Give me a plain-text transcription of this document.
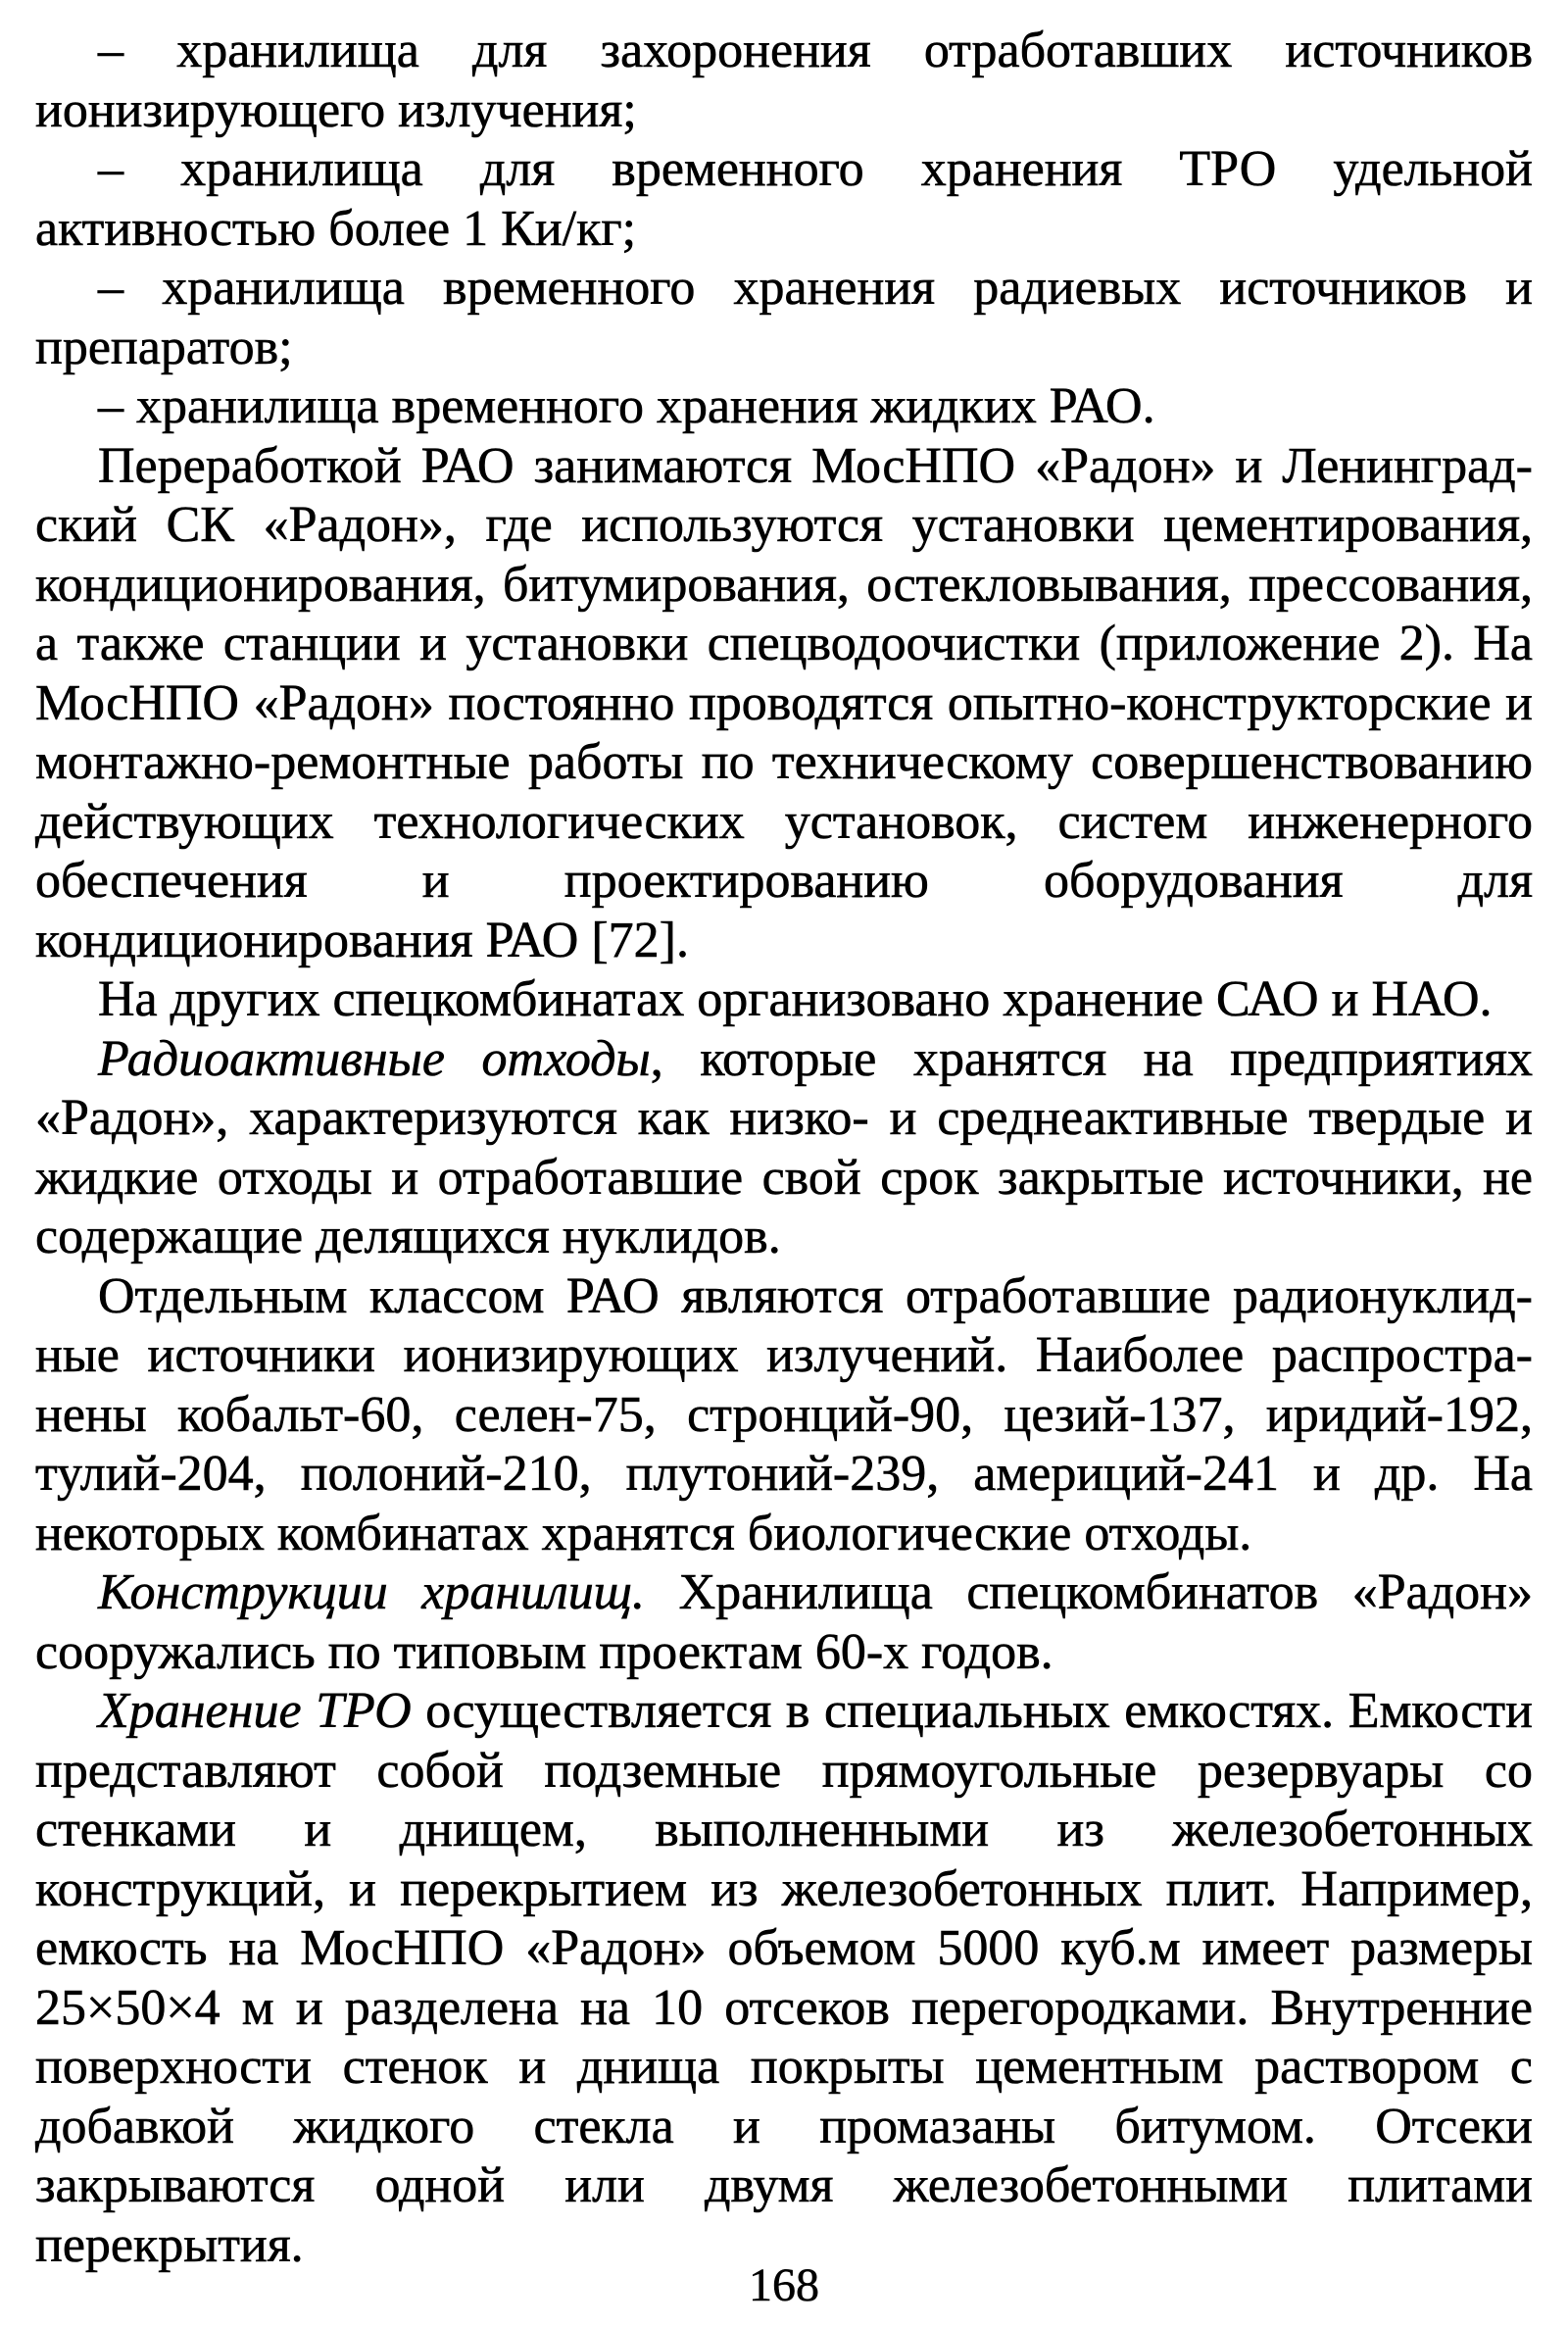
– хранилища для захоронения отработавших источников ионизирующего излучения;

– хранилища для временного хранения ТРО удельной активностью более 1 Ки/кг;

– хранилища временного хранения радиевых источников и препаратов;

– хранилища временного хранения жидких РАО.

Переработкой РАО занимаются МосНПО «Радон» и Ленинградский СК «Радон», где используются установки цементирования, кондиционирования, битумирования, остекловывания, прессования, а также станции и установки спецводоочистки (приложение 2). На МосНПО «Радон» постоянно проводятся опытно-конструкторские и монтажно-ремонтные работы по техническому совершенствованию действующих технологических установок, систем инженерного обеспечения и проектированию оборудования для кондиционирования РАО [72].

На других спецкомбинатах организовано хранение САО и НАО.

Радиоактивные отходы, которые хранятся на предприятиях «Радон», характеризуются как низко- и среднеактивные твердые и жидкие отходы и отработавшие свой срок закрытые источники, не содержащие делящихся нуклидов.

Отдельным классом РАО являются отработавшие радионуклидные источники ионизирующих излучений. Наиболее распространены кобальт-60, селен-75, стронций-90, цезий-137, иридий-192, тулий-204, полоний-210, плутоний-239, америций-241 и др. На некоторых комбинатах хранятся биологические отходы.

Конструкции хранилищ. Хранилища спецкомбинатов «Радон» сооружались по типовым проектам 60-х годов.

Хранение ТРО осуществляется в специальных емкостях. Емкости представляют собой подземные прямоугольные резервуары со стенками и днищем, выполненными из железобетонных конструкций, и перекрытием из железобетонных плит. Например, емкость на МосНПО «Радон» объемом 5000 куб.м имеет размеры 25×50×4 м и разделена на 10 отсеков перегородками. Внутренние поверхности стенок и днища покрыты цементным раствором с добавкой жидкого стекла и промазаны битумом. Отсеки закрываются одной или двумя железобетонными плитами перекрытия.

168
